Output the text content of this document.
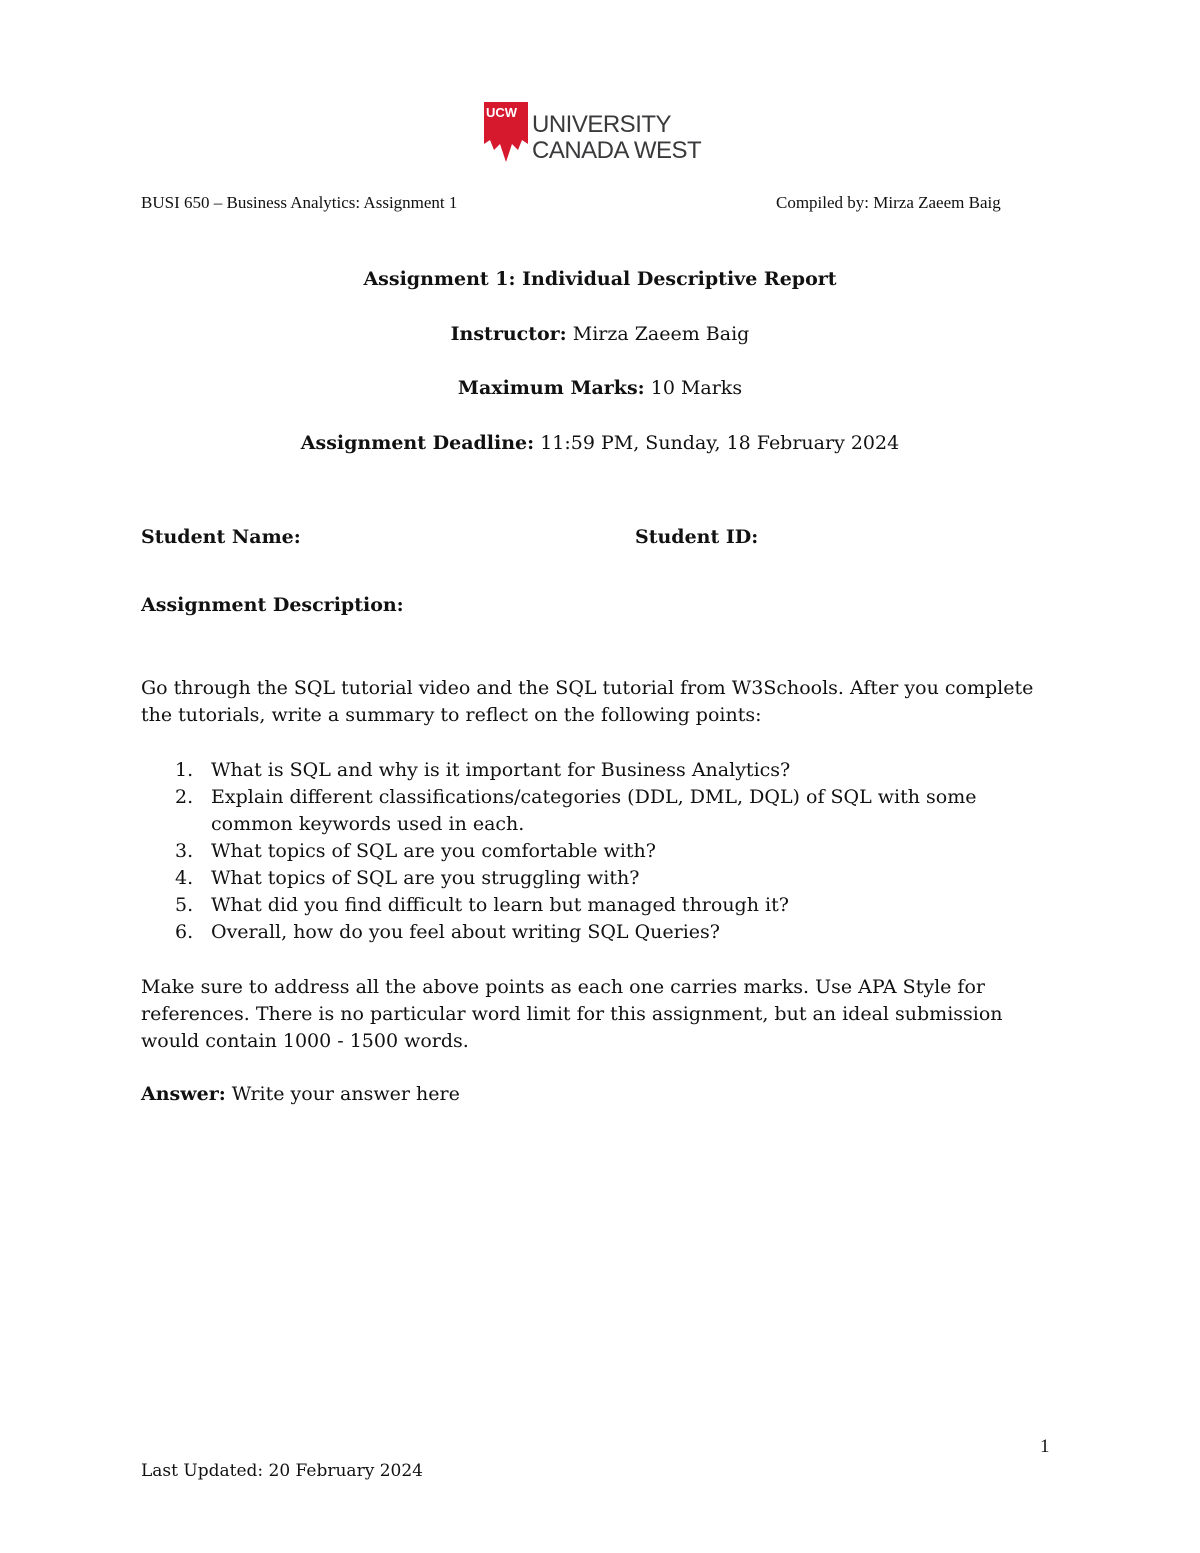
UCW UNIVERSITY
CANADA WEST
BUSI 650 – Business Analytics: Assignment 1	Compiled by: Mirza Zaeem Baig
Assignment 1: Individual Descriptive Report
Instructor: Mirza Zaeem Baig
Maximum Marks: 10 Marks
Assignment Deadline: 11:59 PM, Sunday, 18 February 2024
Student Name:	Student ID:
Assignment Description:
Go through the SQL tutorial video and the SQL tutorial from W3Schools. After you complete the tutorials, write a summary to reflect on the following points:
1. What is SQL and why is it important for Business Analytics?
2. Explain different classifications/categories (DDL, DML, DQL) of SQL with some common keywords used in each.
3. What topics of SQL are you comfortable with?
4. What topics of SQL are you struggling with?
5. What did you find difficult to learn but managed through it?
6. Overall, how do you feel about writing SQL Queries?
Make sure to address all the above points as each one carries marks. Use APA Style for references. There is no particular word limit for this assignment, but an ideal submission would contain 1000 - 1500 words.
Answer: Write your answer here
1
Last Updated: 20 February 2024
